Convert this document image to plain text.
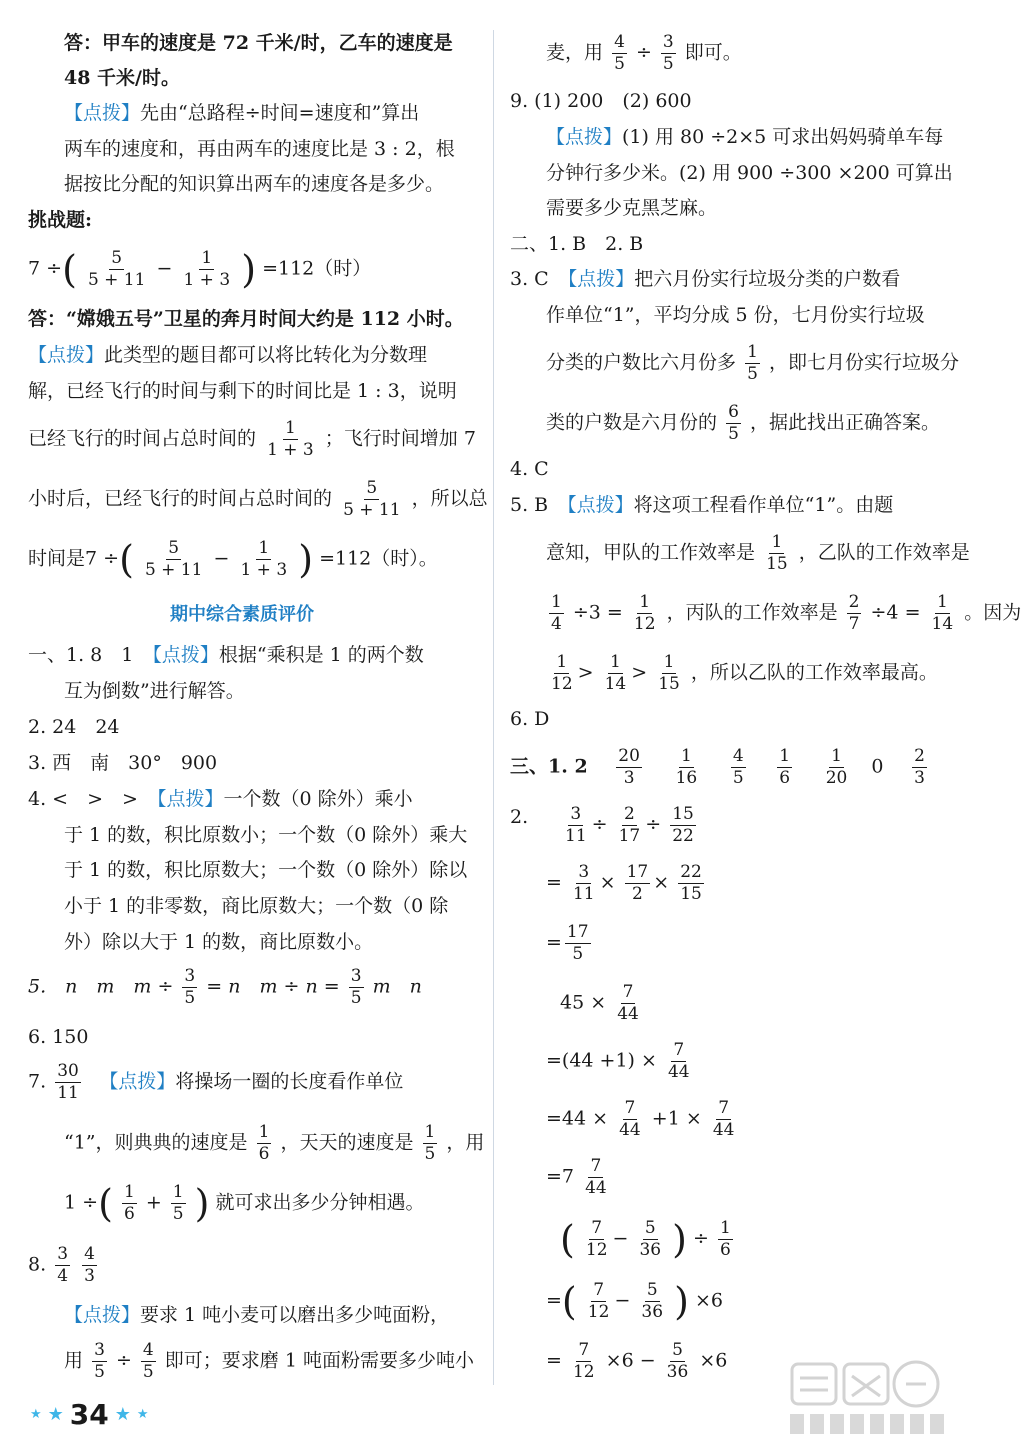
答：甲车的速度是 72 千米/时，乙车的速度是
48 千米/时。
【点拨】先由“总路程÷时间=速度和”算出
两车的速度和，再由两车的速度比是 3 : 2，根
据按比分配的知识算出两车的速度各是多少。
挑战题:
7 ÷( $\frac{5}{5 + 11} - \frac{1}{1 + 3}$ ) =112（时）
答：“嫦娥五号”卫星的奔月时间大约是 112 小时。
【点拨】此类型的题目都可以将比转化为分数理
解，已经飞行的时间与剩下的时间比是 1 : 3，说明
已经飞行的时间占总时间的 $\frac{1}{1 + 3}$ ；飞行时间增加 7
小时后，已经飞行的时间占总时间的 $\frac{5}{5 + 11}$ ，所以总
时间是7 ÷( $\frac{5}{5 + 11} - \frac{1}{1 + 3}$ ) =112（时）。
期中综合素质评价
一、1. 8　1　 【点拨】根据“乘积是 1 的两个数
互为倒数”进行解答。
2. 24　24
3. 西　南　30°　900
4. <　>　>　 【点拨】一个数（0 除外）乘小
于 1 的数，积比原数小；一个数（0 除外）乘大
于 1 的数，积比原数大；一个数（0 除外）除以
小于 1 的非零数，商比原数大；一个数（0 除
外）除以大于 1 的数，商比原数小。
5.　n　m　$m \div \frac{3}{5} = n$　$m \div n = \frac{3}{5}$ m　n
6. 150
7. $\frac{30}{11}$
　 【点拨】将操场一圈的长度看作单位
“1”，则典典的速度是 $\frac{1}{6}$ ，天天的速度是 $\frac{1}{5}$ ，用
1 ÷( $\frac{1}{6} + \frac{1}{5}$ ) 就可求出多少分钟相遇。
8. $\frac{3}{4}$
$\frac{4}{3}$
【点拨】要求 1 吨小麦可以磨出多少吨面粉，
用 $\frac{3}{5} \div \frac{4}{5}$ 即可；要求磨 1 吨面粉需要多少吨小
麦，用 $\frac{4}{5} \div \frac{3}{5}$ 即可。
9. (1) 200　(2) 600
【点拨】(1) 用 80 ÷2×5 可求出妈妈骑单车每
分钟行多少米。(2) 用 900 ÷300 ×200 可算出
需要多少克黑芝麻。
二、1. B　2. B
3. C　 【点拨】把六月份实行垃圾分类的户数看
作单位“1”，平均分成 5 份，七月份实行垃圾
分类的户数比六月份多 $\frac{1}{5}$ ，即七月份实行垃圾分
类的户数是六月份的 $\frac{6}{5}$ ，据此找出正确答案。
4. C
5. B　 【点拨】将这项工程看作单位“1”。由题
意知，甲队的工作效率是 $\frac{1}{15}$ ，乙队的工作效率是
$\frac{1}{4} \div 3 = \frac{1}{12}$ ，丙队的工作效率是 $\frac{2}{7} \div 4 = \frac{1}{14}$ 。因为
$\frac{1}{12} > \frac{1}{14} > \frac{1}{15}$ ，所以乙队的工作效率最高。
6. D
三、1. 2　 $\frac{20}{3}$
　 $\frac{1}{16}$
　 $\frac{4}{5}$
　 $\frac{1}{6}$
　 $\frac{1}{20}$
　 0　 $\frac{2}{3}$
2. $\frac{3}{11} \div \frac{2}{17} \div \frac{15}{22}$
= $\frac{3}{11} \times \frac{17}{2} \times \frac{22}{15}$
= $\frac{17}{5}$
$45 \times \frac{7}{44}$
$=(44 +1) \times \frac{7}{44}$
$=44 \times \frac{7}{44} +1 \times \frac{7}{44}$
$=7 \frac{7}{44}$
( $\frac{7}{12} - \frac{5}{36}$ ) ÷ $\frac{1}{6}$
=( $\frac{7}{12} - \frac{5}{36}$ ) ×6
= $\frac{7}{12} \times 6 - \frac{5}{36} \times 6$
★ ★ 34 ★ ★
